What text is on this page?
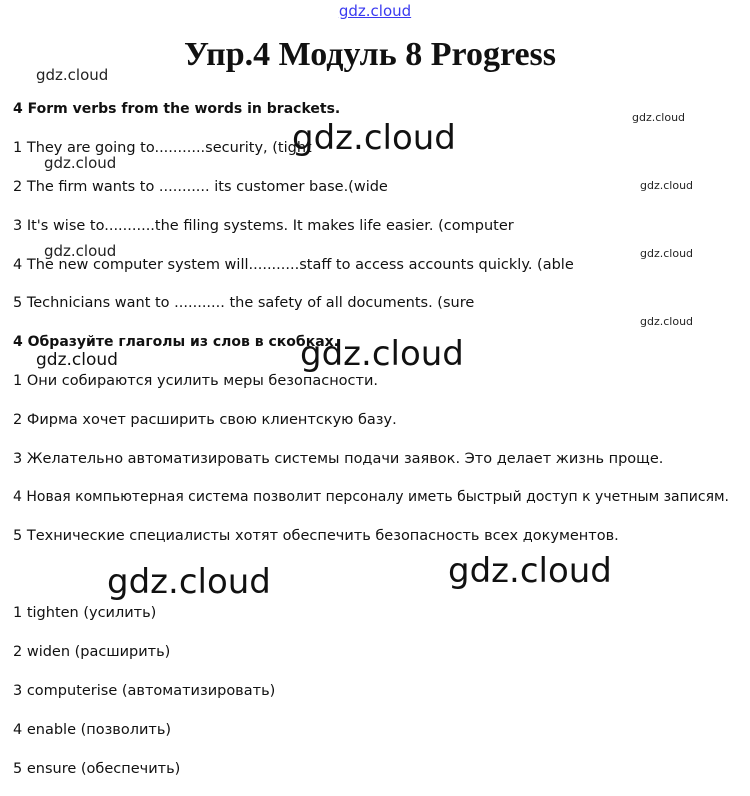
gdz.cloud
Упр.4 Модуль 8 Progress
gdz.cloud
gdz.cloud
gdz.cloud
gdz.cloud
gdz.cloud
gdz.cloud	gdz.cloud
gdz.cloud
gdz.cloud
gdz.cloud
gdz.cloud	gdz.cloud
4 Form verbs from the words in brackets.
1 They are going to...........security, (tight
2 The firm wants to ........... its customer base.(wide
3 It's wise to...........the filing systems. It makes life easier. (computer
4 The new computer system will...........staff to access accounts quickly. (able
5 Technicians want to ........... the safety of all documents. (sure
4 Образуйте глаголы из слов в скобках.
1 Они собираются усилить меры безопасности.
2 Фирма хочет расширить свою клиентскую базу.
3 Желательно автоматизировать системы подачи заявок. Это делает жизнь проще.
4 Новая компьютерная система позволит персоналу иметь быстрый доступ к учетным записям.
5 Технические специалисты хотят обеспечить безопасность всех документов.
1 tighten (усилить)
2 widen (расширить)
3 computerise (автоматизировать)
4 enable (позволить)
5 ensure (обеспечить)
